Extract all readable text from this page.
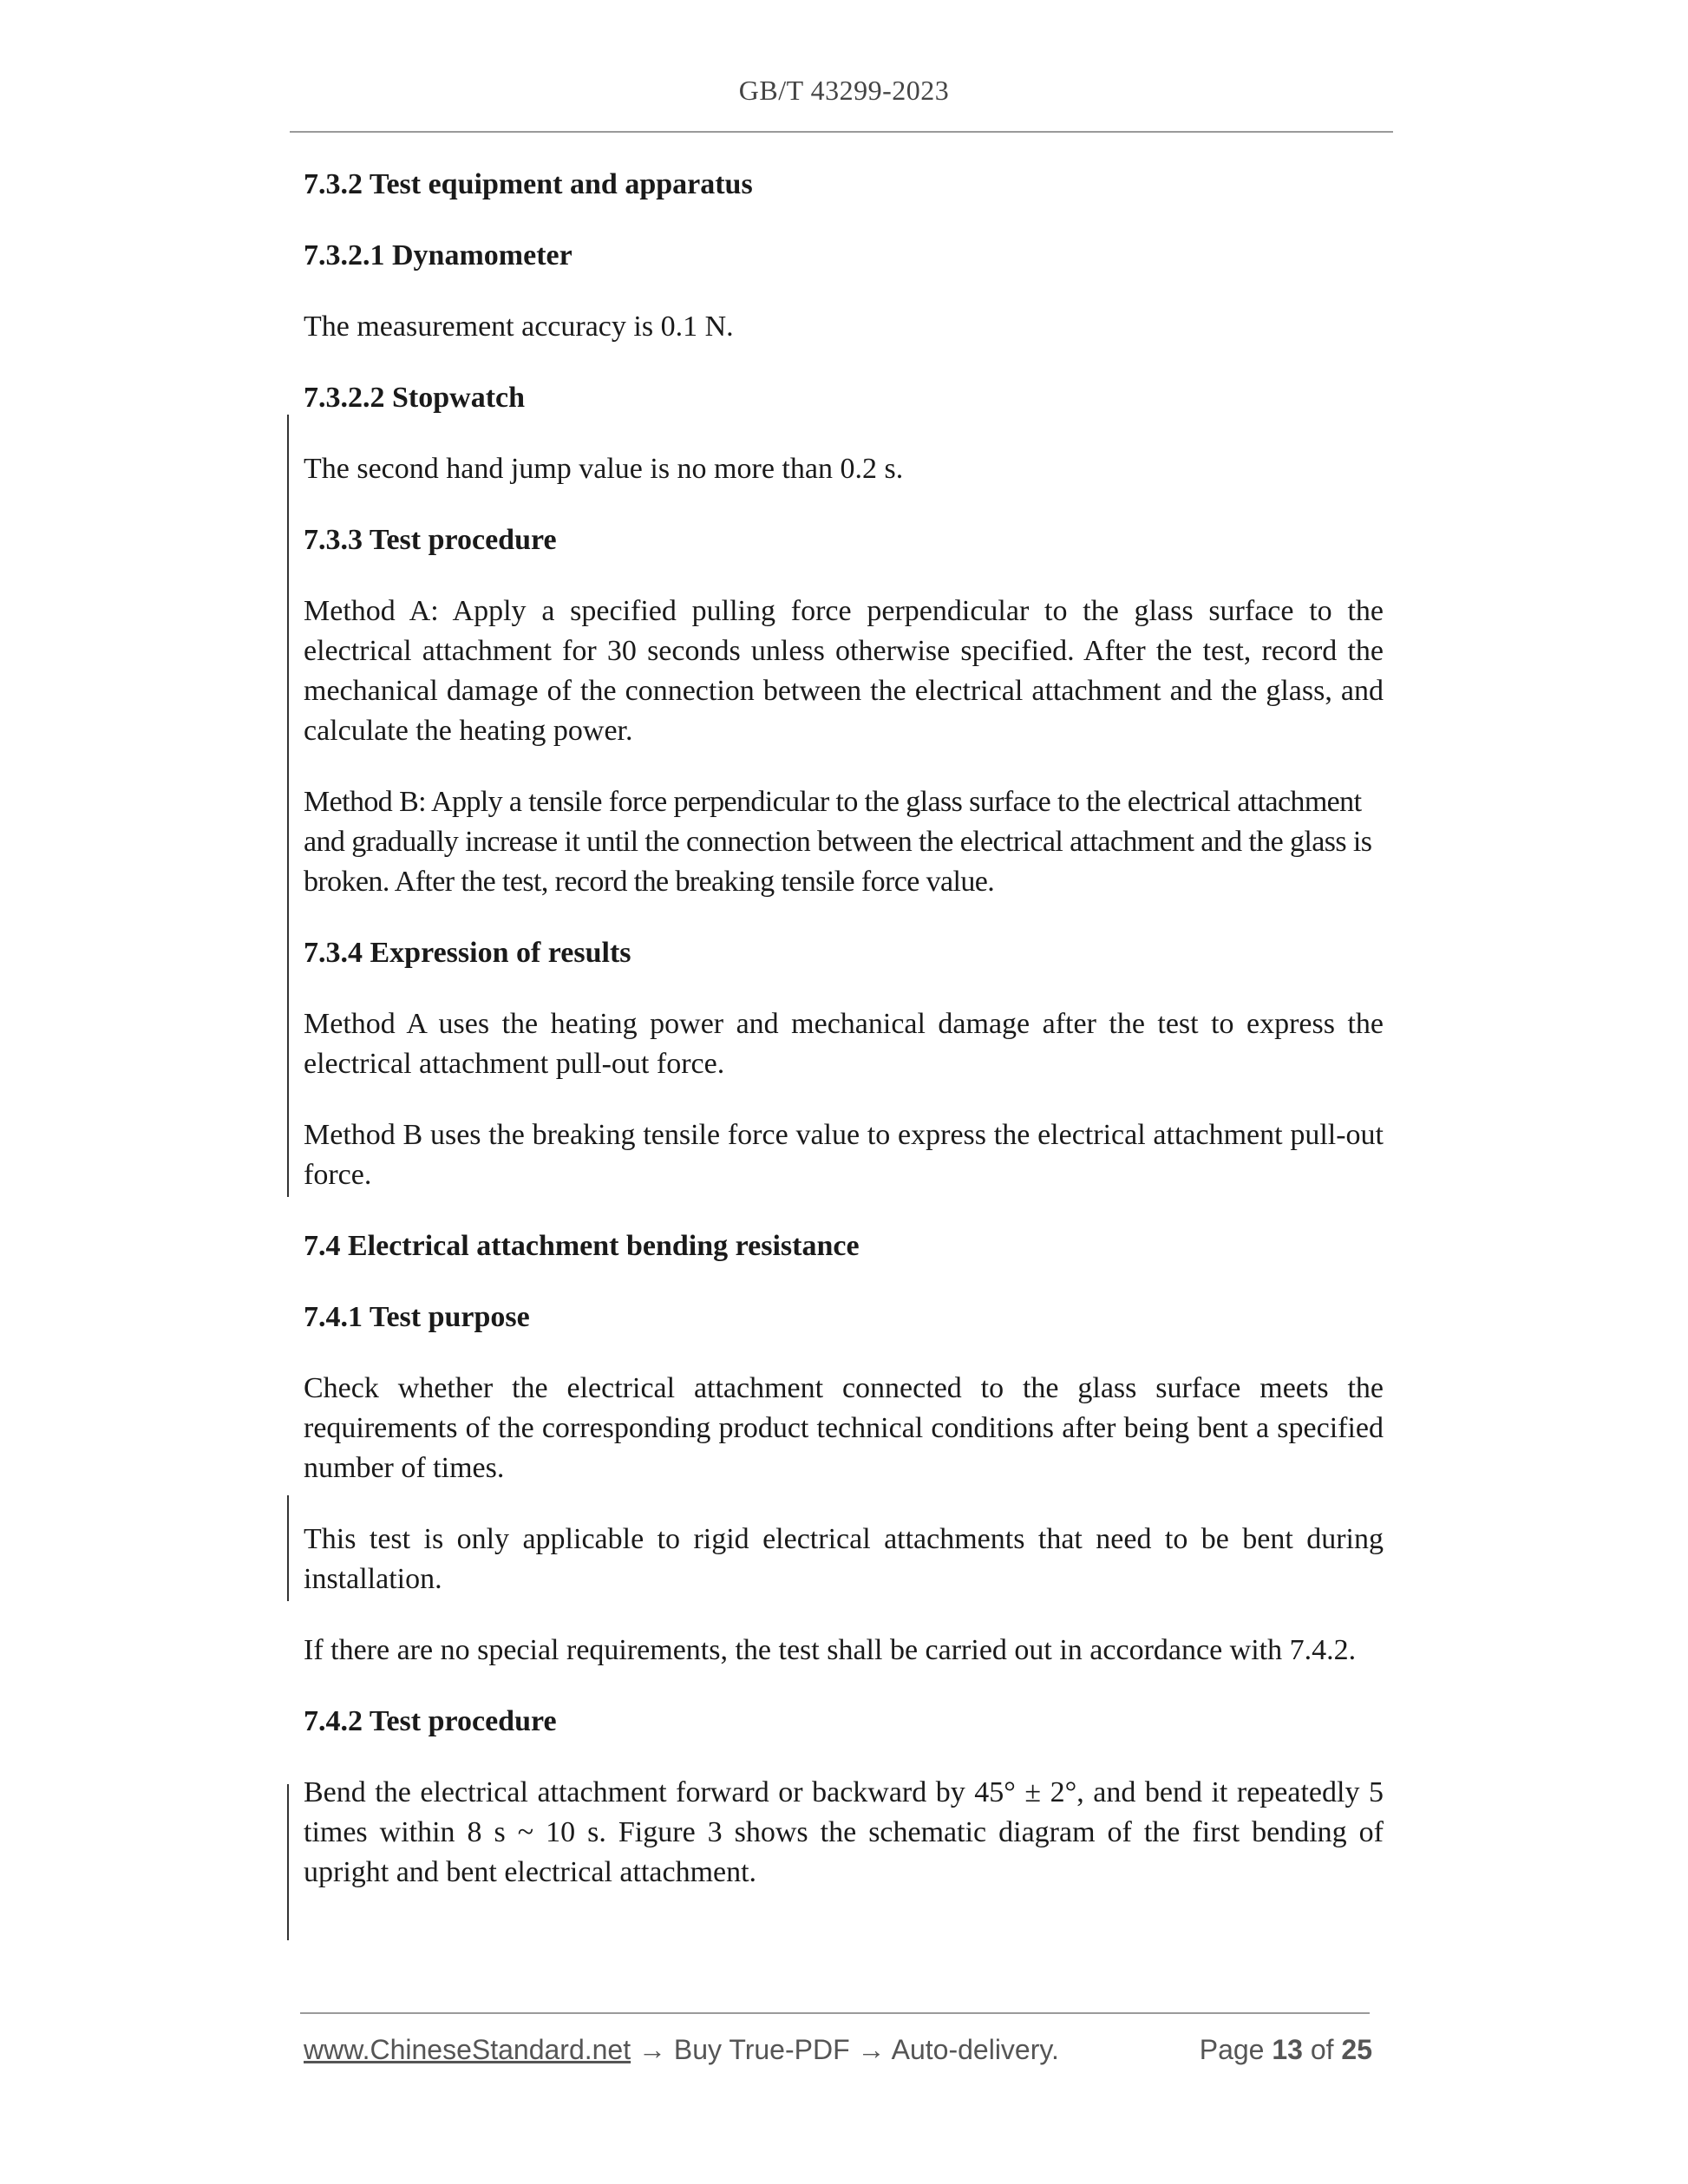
GB/T 43299-2023
7.3.2 Test equipment and apparatus
7.3.2.1 Dynamometer
The measurement accuracy is 0.1 N.
7.3.2.2 Stopwatch
The second hand jump value is no more than 0.2 s.
7.3.3 Test procedure
Method A: Apply a specified pulling force perpendicular to the glass surface to the electrical attachment for 30 seconds unless otherwise specified. After the test, record the mechanical damage of the connection between the electrical attachment and the glass, and calculate the heating power.
Method B: Apply a tensile force perpendicular to the glass surface to the electrical attachment and gradually increase it until the connection between the electrical attachment and the glass is broken. After the test, record the breaking tensile force value.
7.3.4 Expression of results
Method A uses the heating power and mechanical damage after the test to express the electrical attachment pull-out force.
Method B uses the breaking tensile force value to express the electrical attachment pull-out force.
7.4 Electrical attachment bending resistance
7.4.1 Test purpose
Check whether the electrical attachment connected to the glass surface meets the requirements of the corresponding product technical conditions after being bent a specified number of times.
This test is only applicable to rigid electrical attachments that need to be bent during installation.
If there are no special requirements, the test shall be carried out in accordance with 7.4.2.
7.4.2 Test procedure
Bend the electrical attachment forward or backward by 45° ± 2°, and bend it repeatedly 5 times within 8 s ~ 10 s. Figure 3 shows the schematic diagram of the first bending of upright and bent electrical attachment.
www.ChineseStandard.net → Buy True-PDF → Auto-delivery.	Page 13 of 25
